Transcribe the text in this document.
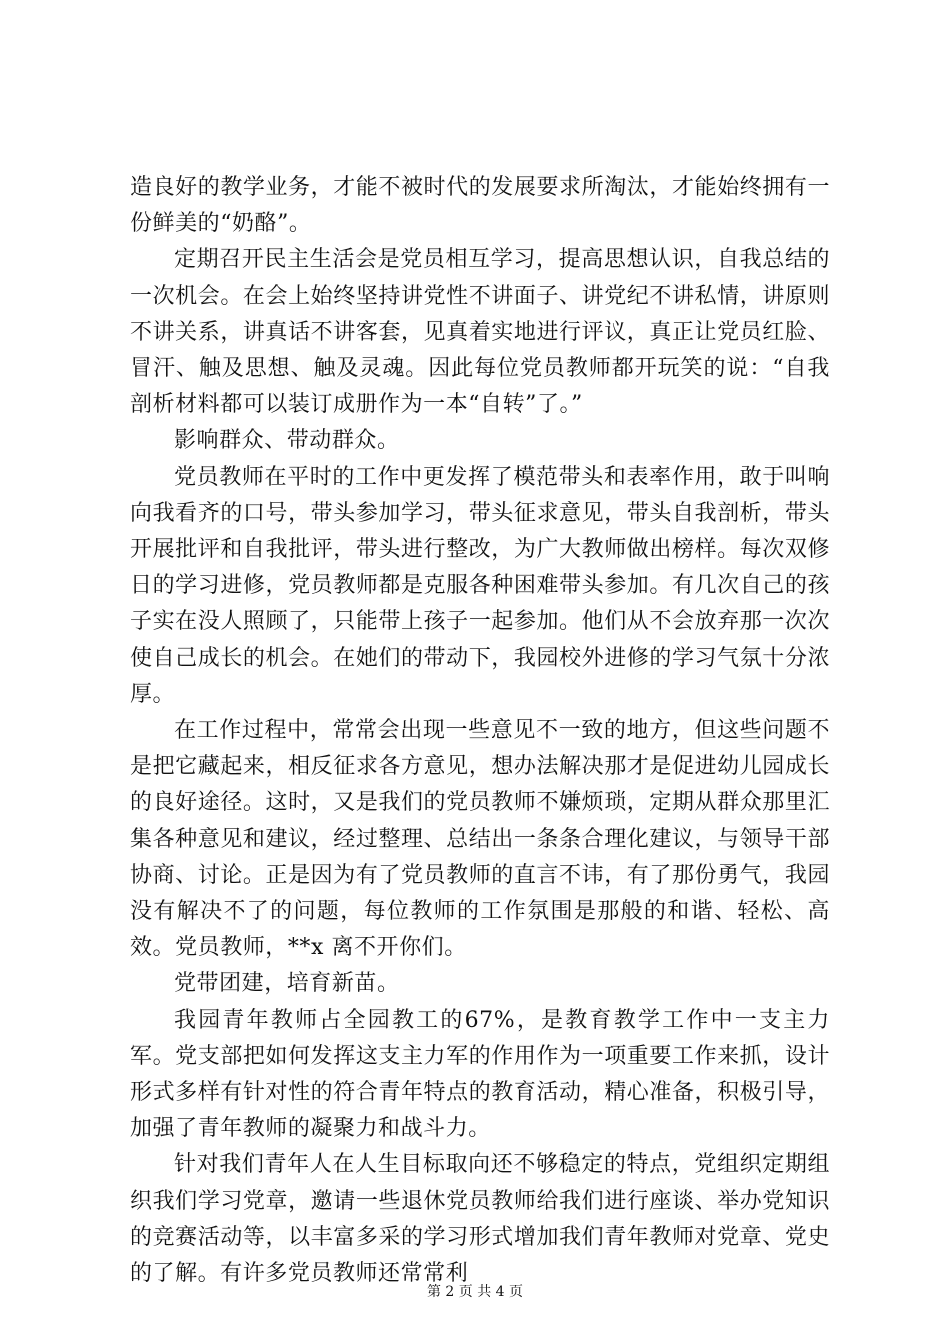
造良好的教学业务，才能不被时代的发展要求所淘汰，才能始终拥有一份鲜美的“奶酪”。

定期召开民主生活会是党员相互学习，提高思想认识，自我总结的一次机会。在会上始终坚持讲党性不讲面子、讲党纪不讲私情，讲原则不讲关系，讲真话不讲客套，见真着实地进行评议，真正让党员红脸、冒汗、触及思想、触及灵魂。因此每位党员教师都开玩笑的说：“自我剖析材料都可以装订成册作为一本“自转”了。”

影响群众、带动群众。

党员教师在平时的工作中更发挥了模范带头和表率作用，敢于叫响向我看齐的口号，带头参加学习，带头征求意见，带头自我剖析，带头开展批评和自我批评，带头进行整改，为广大教师做出榜样。每次双修日的学习进修，党员教师都是克服各种困难带头参加。有几次自己的孩子实在没人照顾了，只能带上孩子一起参加。他们从不会放弃那一次次使自己成长的机会。在她们的带动下，我园校外进修的学习气氛十分浓厚。

在工作过程中，常常会出现一些意见不一致的地方，但这些问题不是把它藏起来，相反征求各方意见，想办法解决那才是促进幼儿园成长的良好途径。这时，又是我们的党员教师不嫌烦琐，定期从群众那里汇集各种意见和建议，经过整理、总结出一条条合理化建议，与领导干部协商、讨论。正是因为有了党员教师的直言不讳，有了那份勇气，我园没有解决不了的问题，每位教师的工作氛围是那般的和谐、轻松、高效。党员教师，**x 离不开你们。

党带团建，培育新苗。

我园青年教师占全园教工的67%，是教育教学工作中一支主力军。党支部把如何发挥这支主力军的作用作为一项重要工作来抓，设计形式多样有针对性的符合青年特点的教育活动，精心准备，积极引导，加强了青年教师的凝聚力和战斗力。

针对我们青年人在人生目标取向还不够稳定的特点，党组织定期组织我们学习党章，邀请一些退休党员教师给我们进行座谈、举办党知识的竞赛活动等，以丰富多采的学习形式增加我们青年教师对党章、党史的了解。有许多党员教师还常常利

第 2 页 共 4 页
